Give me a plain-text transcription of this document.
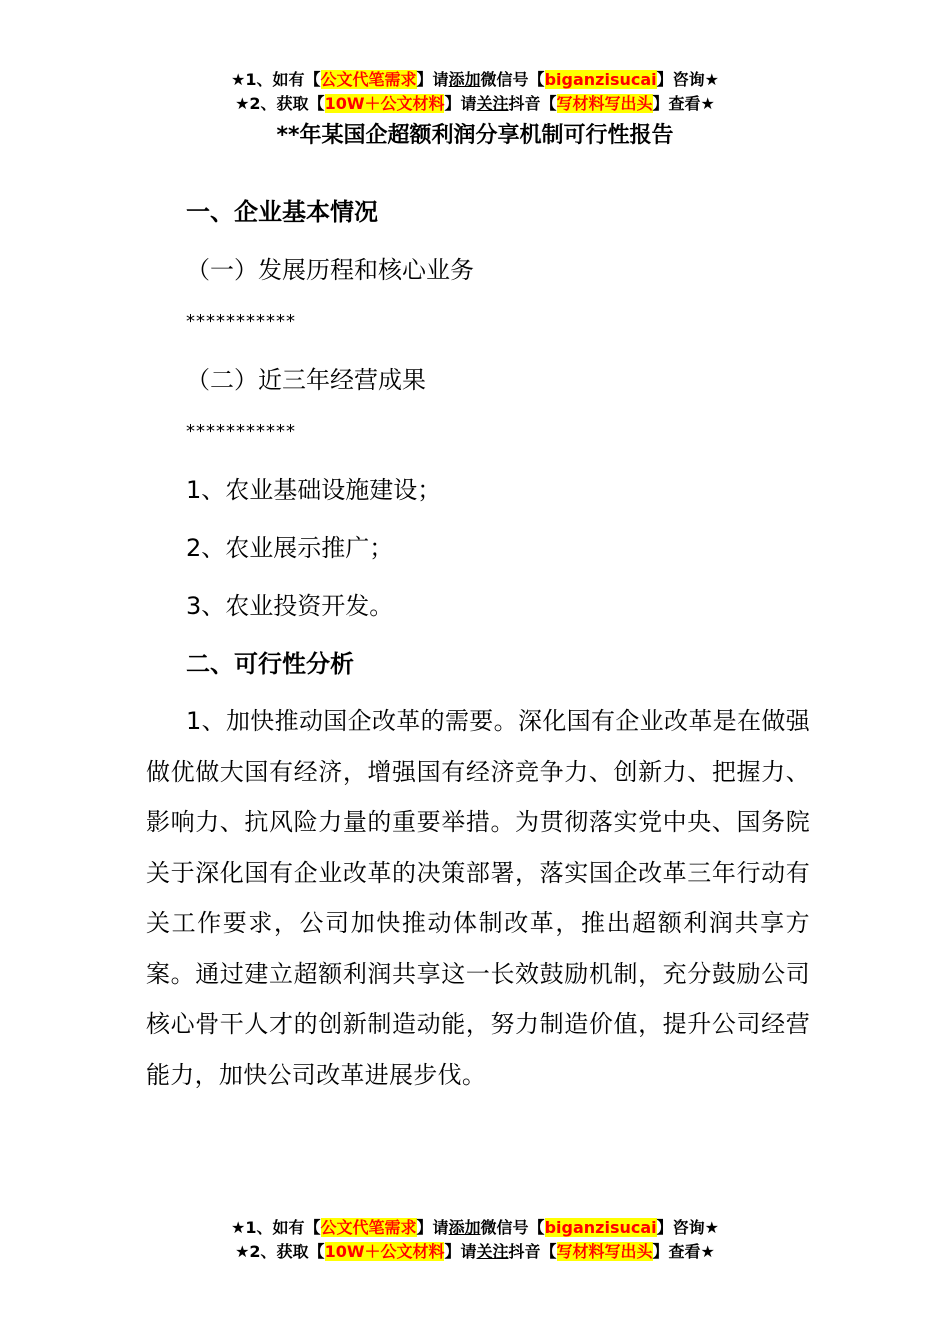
★1、如有【公文代笔需求】请添加微信号【biganzisucai】咨询★
★2、获取【10W＋公文材料】请关注抖音【写材料写出头】查看★
**年某国企超额利润分享机制可行性报告
一、企业基本情况
（一）发展历程和核心业务
***********
（二）近三年经营成果
***********
1、农业基础设施建设；
2、农业展示推广；
3、农业投资开发。
二、可行性分析
1、加快推动国企改革的需要。深化国有企业改革是在做强做优做大国有经济，增强国有经济竞争力、创新力、把握力、影响力、抗风险力量的重要举措。为贯彻落实党中央、国务院关于深化国有企业改革的决策部署，落实国企改革三年行动有关工作要求，公司加快推动体制改革，推出超额利润共享方案。通过建立超额利润共享这一长效鼓励机制，充分鼓励公司核心骨干人才的创新制造动能，努力制造价值，提升公司经营能力，加快公司改革进展步伐。
★1、如有【公文代笔需求】请添加微信号【biganzisucai】咨询★
★2、获取【10W＋公文材料】请关注抖音【写材料写出头】查看★
